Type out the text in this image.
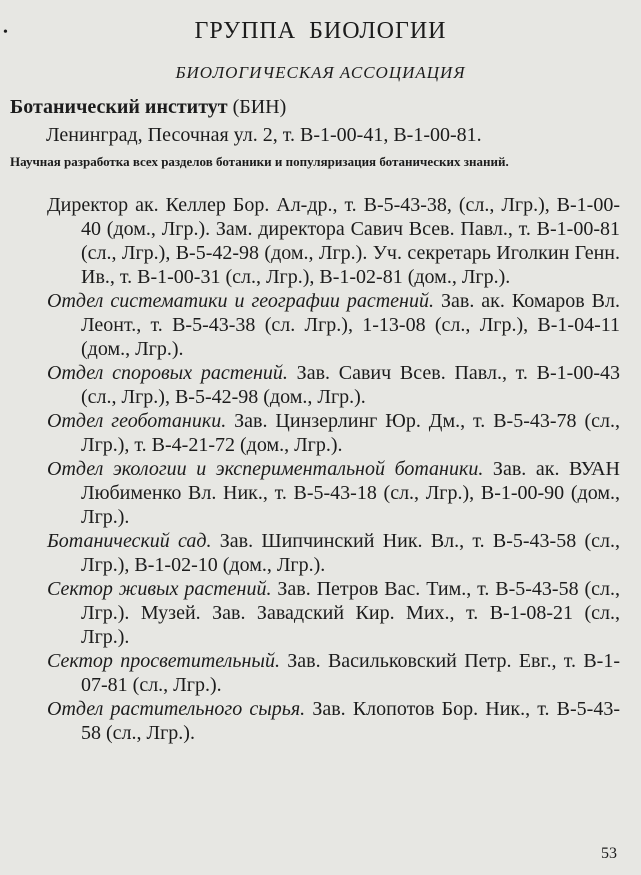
•	ГРУППА БИОЛОГИИ
БИОЛОГИЧЕСКАЯ АССОЦИАЦИЯ
Ботанический институт (БИН)
Ленинград, Песочная ул. 2, т. В-1-00-41, В-1-00-81.
Научная разработка всех разделов ботаники и популяризация ботанических знаний.

Директор ак. Келлер Бор. Ал-др., т. В-5-43-38, (сл., Лгр.), В-1-00-40 (дом., Лгр.). Зам. директора Савич Всев. Павл., т. В-1-00-81 (сл., Лгр.), В-5-42-98 (дом., Лгр.). Уч. секретарь Иголкин Генн. Ив., т. В-1-00-31 (сл., Лгр.), В-1-02-81 (дом., Лгр.).

Отдел систематики и географии растений. Зав. ак. Комаров Вл. Леонт., т. В-5-43-38 (сл. Лгр.), 1-13-08 (сл., Лгр.), В-1-04-11 (дом., Лгр.).

Отдел споровых растений. Зав. Савич Всев. Павл., т. В-1-00-43 (сл., Лгр.), В-5-42-98 (дом., Лгр.).

Отдел геоботаники. Зав. Цинзерлинг Юр. Дм., т. В-5-43-78 (сл., Лгр.), т. В-4-21-72 (дом., Лгр.).

Отдел экологии и экспериментальной ботаники. Зав. ак. ВУАН Любименко Вл. Ник., т. В-5-43-18 (сл., Лгр.), В-1-00-90 (дом., Лгр.).

Ботанический сад. Зав. Шипчинский Ник. Вл., т. В-5-43-58 (сл., Лгр.), В-1-02-10 (дом., Лгр.).

Сектор живых растений. Зав. Петров Вас. Тим., т. В-5-43-58 (сл., Лгр.). Музей. Зав. Завадский Кир. Мих., т. В-1-08-21 (сл., Лгр.).

Сектор просветительный. Зав. Васильковский Петр. Евг., т. В-1-07-81 (сл., Лгр.).

Отдел растительного сырья. Зав. Клопотов Бор. Ник., т. В-5-43-58 (сл., Лгр.).

53
